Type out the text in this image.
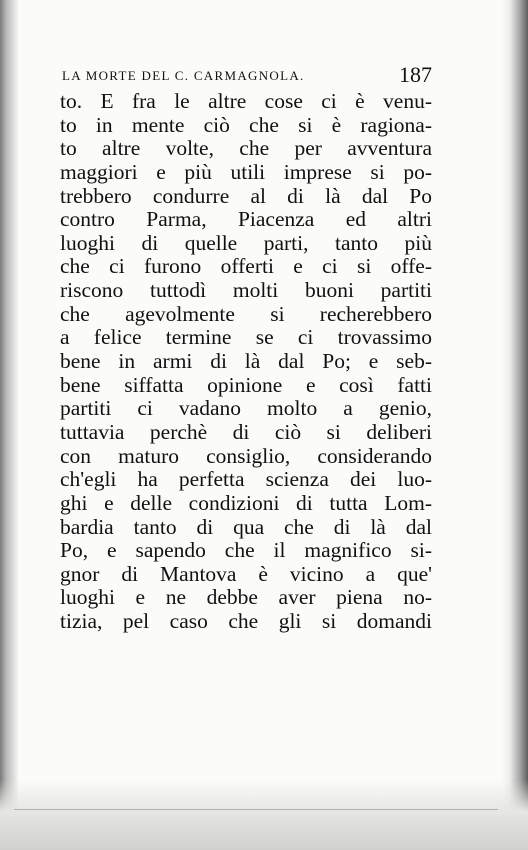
LA MORTE DEL C. CARMAGNOLA.	187
to. E fra le altre cose ci è venu-
to in mente ciò che si è ragiona-
to altre volte, che per avventura
maggiori e più utili imprese si po-
trebbero condurre al di là dal Po
contro Parma, Piacenza ed altri
luoghi di quelle parti, tanto più
che ci furono offerti e ci si offe-
riscono tuttodì molti buoni partiti
che agevolmente si recherebbero
a felice termine se ci trovassimo
bene in armi di là dal Po; e seb-
bene siffatta opinione e così fatti
partiti ci vadano molto a genio,
tuttavia perchè di ciò si deliberi
con maturo consiglio, considerando
ch'egli ha perfetta scienza dei luo-
ghi e delle condizioni di tutta Lom-
bardia tanto di qua che di là dal
Po, e sapendo che il magnifico si-
gnor di Mantova è vicino a que'
luoghi e ne debbe aver piena no-
tizia, pel caso che gli si domandi
